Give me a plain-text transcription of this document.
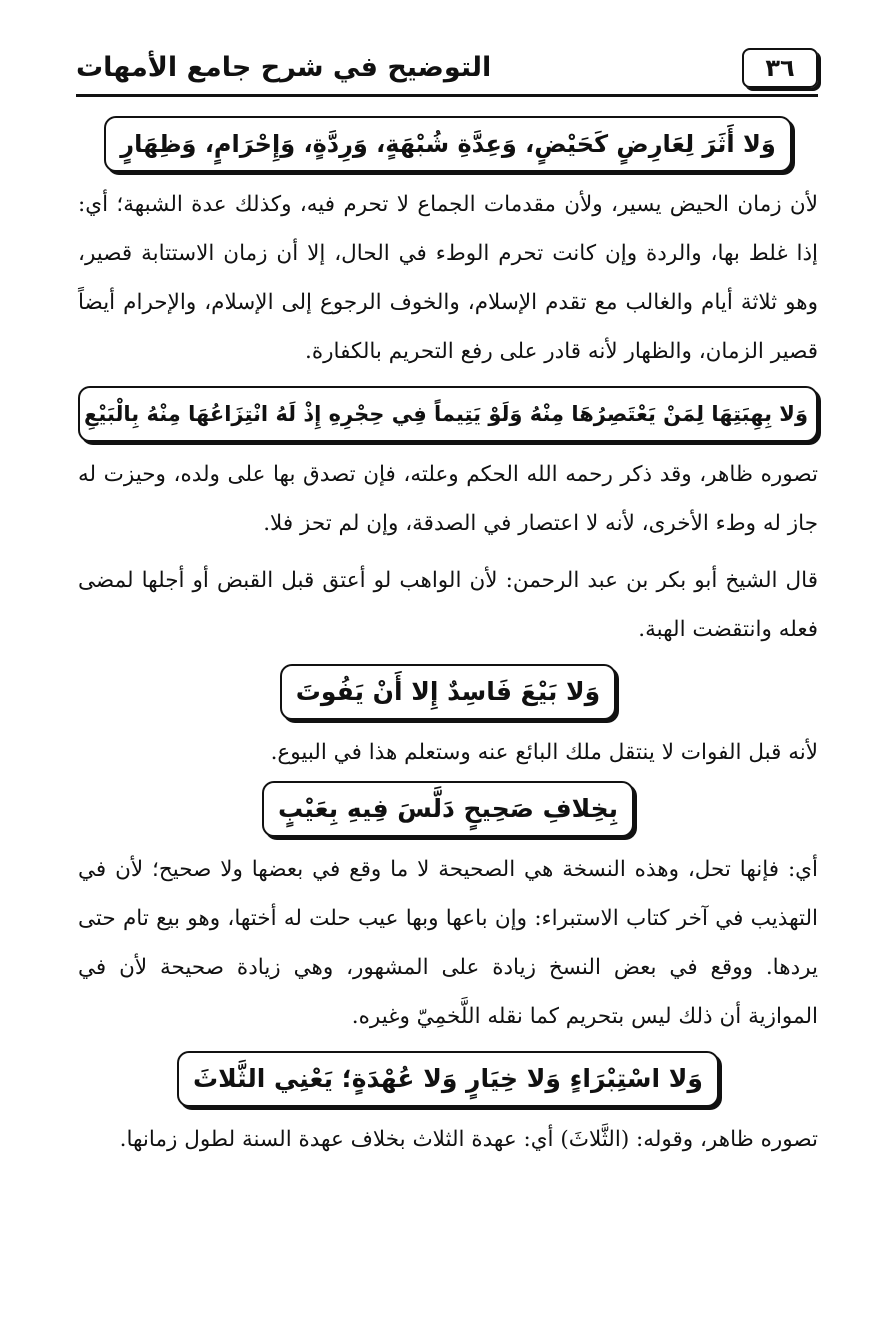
التوضيح في شرح جامع الأمهات	٣٦
وَلا أَثَرَ لِعَارِضٍ كَحَيْضٍ، وَعِدَّةِ شُبْهَةٍ، وَرِدَّةٍ، وَإِحْرَامٍ، وَظِهَارٍ

لأن زمان الحيض يسير، ولأن مقدمات الجماع لا تحرم فيه، وكذلك عدة الشبهة؛ أي: إذا غلط بها، والردة وإن كانت تحرم الوطء في الحال، إلا أن زمان الاستتابة قصير، وهو ثلاثة أيام والغالب مع تقدم الإسلام، والخوف الرجوع إلى الإسلام، والإحرام أيضاً قصير الزمان، والظهار لأنه قادر على رفع التحريم بالكفارة.

وَلا بِهِبَتِهَا لِمَنْ يَعْتَصِرُهَا مِنْهُ وَلَوْ يَتِيماً فِي حِجْرِهِ إِذْ لَهُ انْتِزَاعُهَا مِنْهُ بِالْبَيْعِ

تصوره ظاهر، وقد ذكر رحمه الله الحكم وعلته، فإن تصدق بها على ولده، وحيزت له جاز له وطء الأخرى، لأنه لا اعتصار في الصدقة، وإن لم تحز فلا.

قال الشيخ أبو بكر بن عبد الرحمن: لأن الواهب لو أعتق قبل القبض أو أجلها لمضى فعله وانتقضت الهبة.

وَلا بَيْعَ فَاسِدٌ إِلا أَنْ يَفُوتَ

لأنه قبل الفوات لا ينتقل ملك البائع عنه وستعلم هذا في البيوع.

بِخِلافِ صَحِيحٍ دَلَّسَ فِيهِ بِعَيْبٍ

أي: فإنها تحل، وهذه النسخة هي الصحيحة لا ما وقع في بعضها ولا صحيح؛ لأن في التهذيب في آخر كتاب الاستبراء: وإن باعها وبها عيب حلت له أختها، وهو بيع تام حتى يردها. ووقع في بعض النسخ زيادة على المشهور، وهي زيادة صحيحة لأن في الموازية أن ذلك ليس بتحريم كما نقله اللَّخمِيّ وغيره.

وَلا اسْتِبْرَاءٍ وَلا خِيَارٍ وَلا عُهْدَةٍ؛ يَعْنِي الثَّلاثَ

تصوره ظاهر، وقوله: (الثَّلاثَ) أي: عهدة الثلاث بخلاف عهدة السنة لطول زمانها.
